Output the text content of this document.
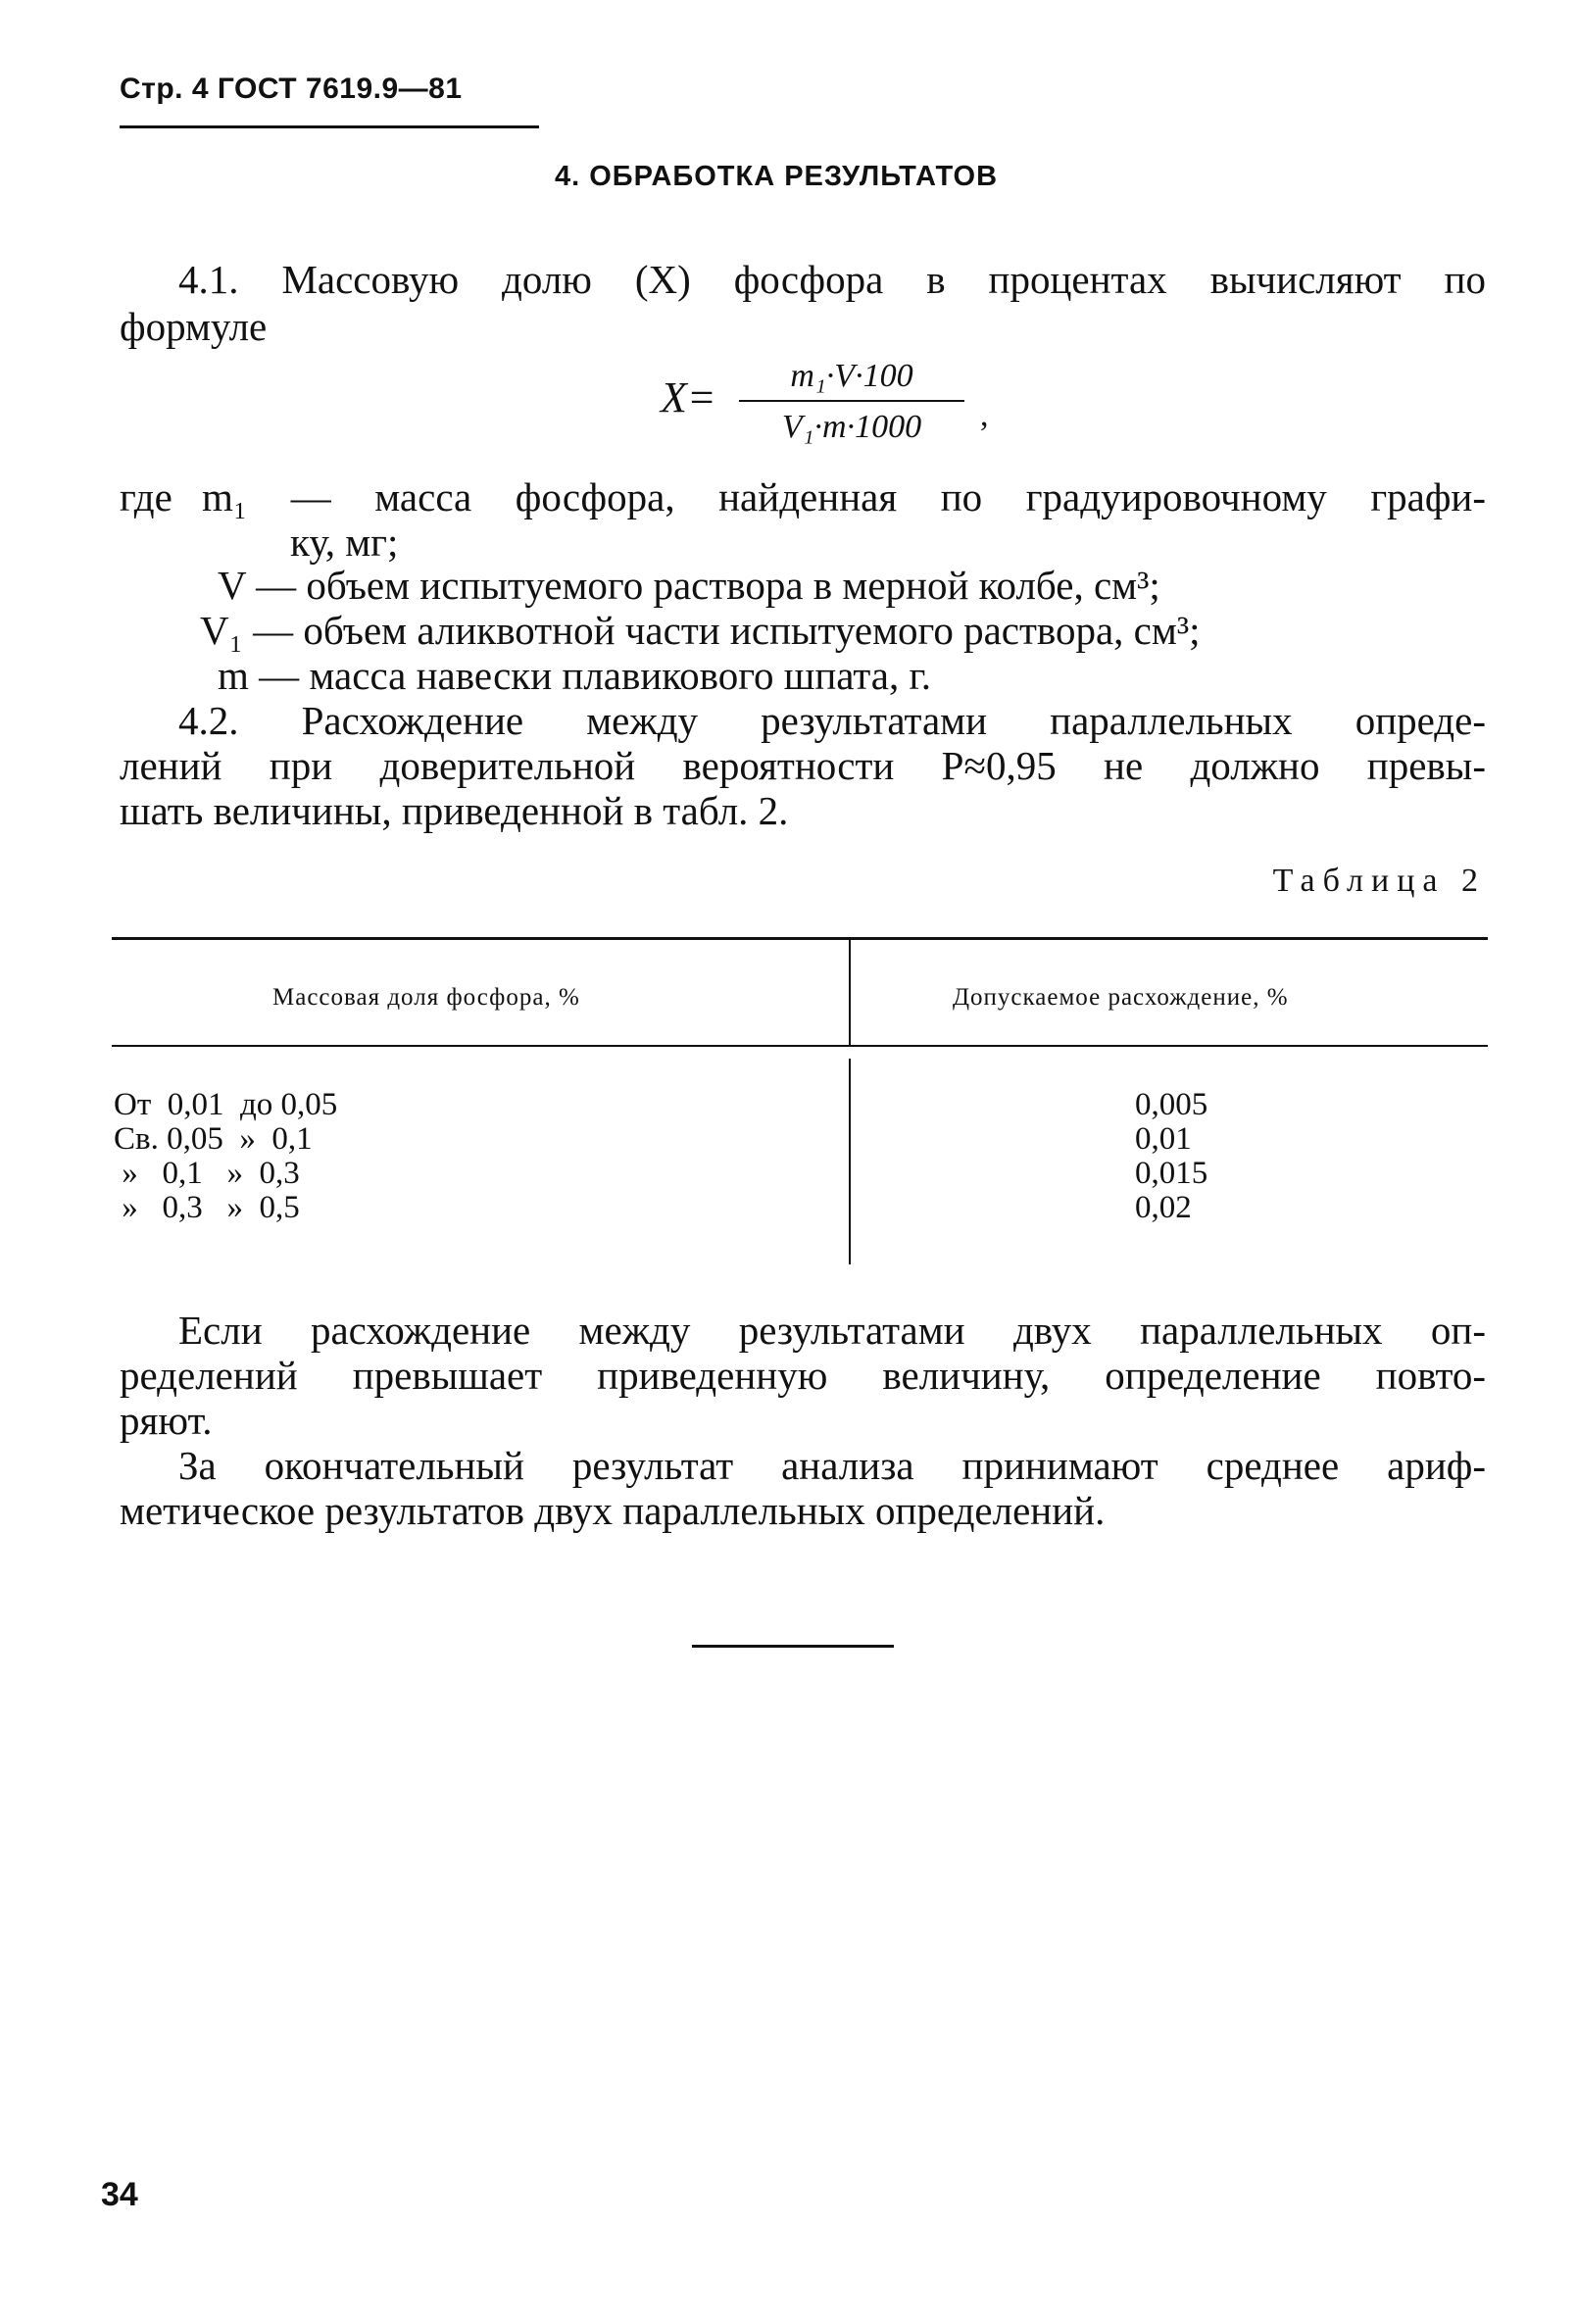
Стр. 4 ГОСТ 7619.9—81
4. ОБРАБОТКА РЕЗУЛЬТАТОВ
4.1. Массовую долю (X) фосфора в процентах вычисляют по
формуле
X=	m₁·V·100
V₁·m·1000	,
где m₁ — масса фосфора, найденная по градуировочному графи-
ку, мг;
V — объем испытуемого раствора в мерной колбе, см³;
V₁ — объем аликвотной части испытуемого раствора, см³;
m — масса навески плавикового шпата, г.
4.2. Расхождение между результатами параллельных опреде-
лений при доверительной вероятности P≈0,95 не должно превы-
шать величины, приведенной в табл. 2.
Таблица 2
Массовая доля фосфора, %	Допускаемое расхождение, %
От  0,01  до 0,05	0,005
Св. 0,05  »  0,1	0,01
»   0,1   »  0,3	0,015
»   0,3   »  0,5	0,02
Если расхождение между результатами двух параллельных оп-
ределений превышает приведенную величину, определение повто-
ряют.
За окончательный результат анализа принимают среднее ариф-
метическое результатов двух параллельных определений.
34
